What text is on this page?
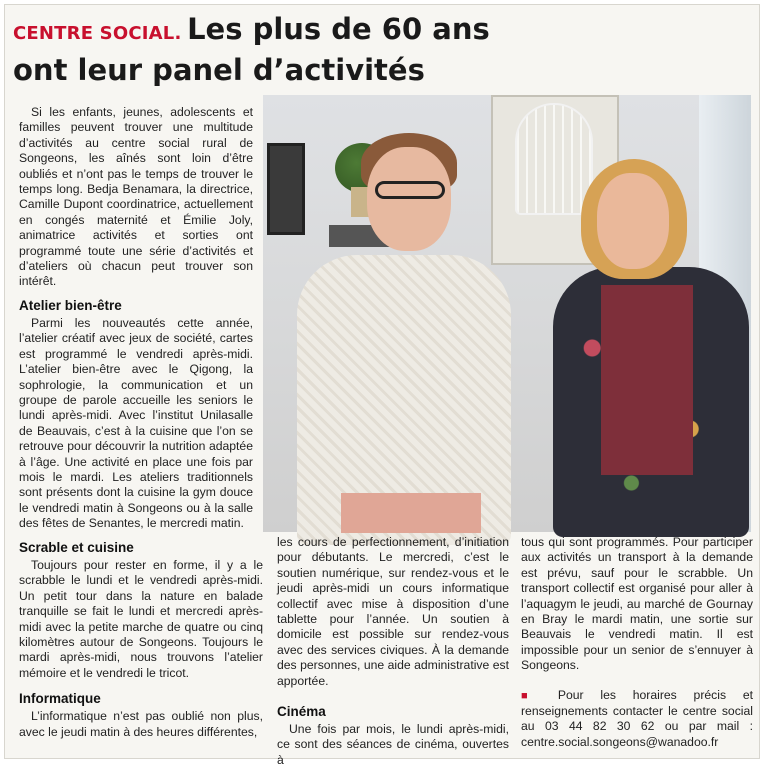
CENTRE SOCIAL. Les plus de 60 ans
ont leur panel d’activités

Si les enfants, jeunes, adolescents et familles peuvent trouver une multitude d’activités au centre social rural de Songeons, les aînés sont loin d’être oubliés et n’ont pas le temps de trouver le temps long. Bedja Benamara, la directrice, Camille Dupont coordinatrice, actuellement en congés maternité et Émilie Joly, animatrice activités et sorties ont programmé toute une série d’activités et d’ateliers où chacun peut trouver son intérêt.

Atelier bien-être

Parmi les nouveautés cette année, l’atelier créatif avec jeux de société, cartes est programmé le vendredi après-midi. L’atelier bien-être avec le Qigong, la sophrologie, la communication et un groupe de parole accueille les seniors le lundi après-midi. Avec l’institut Unilasalle de Beauvais, c’est à la cuisine que l’on se retrouve pour découvrir la nutrition adaptée à l’âge. Une activité en place une fois par mois le mardi. Les ateliers traditionnels sont présents dont la cuisine la gym douce le vendredi matin à Songeons ou à la salle des fêtes de Senantes, le mercredi matin.

Scrable et cuisine

Toujours pour rester en forme, il y a le scrabble le lundi et le vendredi après-midi. Un petit tour dans la nature en balade tranquille se fait le lundi et mercredi après-midi avec la petite marche de quatre ou cinq kilomètres autour de Songeons. Toujours le mardi après-midi, nous trouvons l’atelier mémoire et le vendredi le tricot.

Informatique

L’informatique n’est pas oublié non plus, avec le jeudi matin à des heures différentes,

les cours de perfectionnement, d’initiation pour débutants. Le mercredi, c’est le soutien numérique, sur rendez-vous et le jeudi après-midi un cours informatique collectif avec mise à disposition d’une tablette pour l’année. Un soutien à domicile est possible sur rendez-vous avec des services civiques. À la demande des personnes, une aide administrative est apportée.

Cinéma

Une fois par mois, le lundi après-midi, ce sont des séances de cinéma, ouvertes à

tous qui sont programmés. Pour participer aux activités un transport à la demande est prévu, sauf pour le scrabble. Un transport collectif est organisé pour aller à l’aquagym le jeudi, au marché de Gournay en Bray le mardi matin, une sortie sur Beauvais le vendredi matin. Il est impossible pour un senior de s’ennuyer à Songeons.

■ Pour les horaires précis et renseignements contacter le centre social au 03 44 82 30 62 ou par mail : centre.social.songeons@wanadoo.fr
